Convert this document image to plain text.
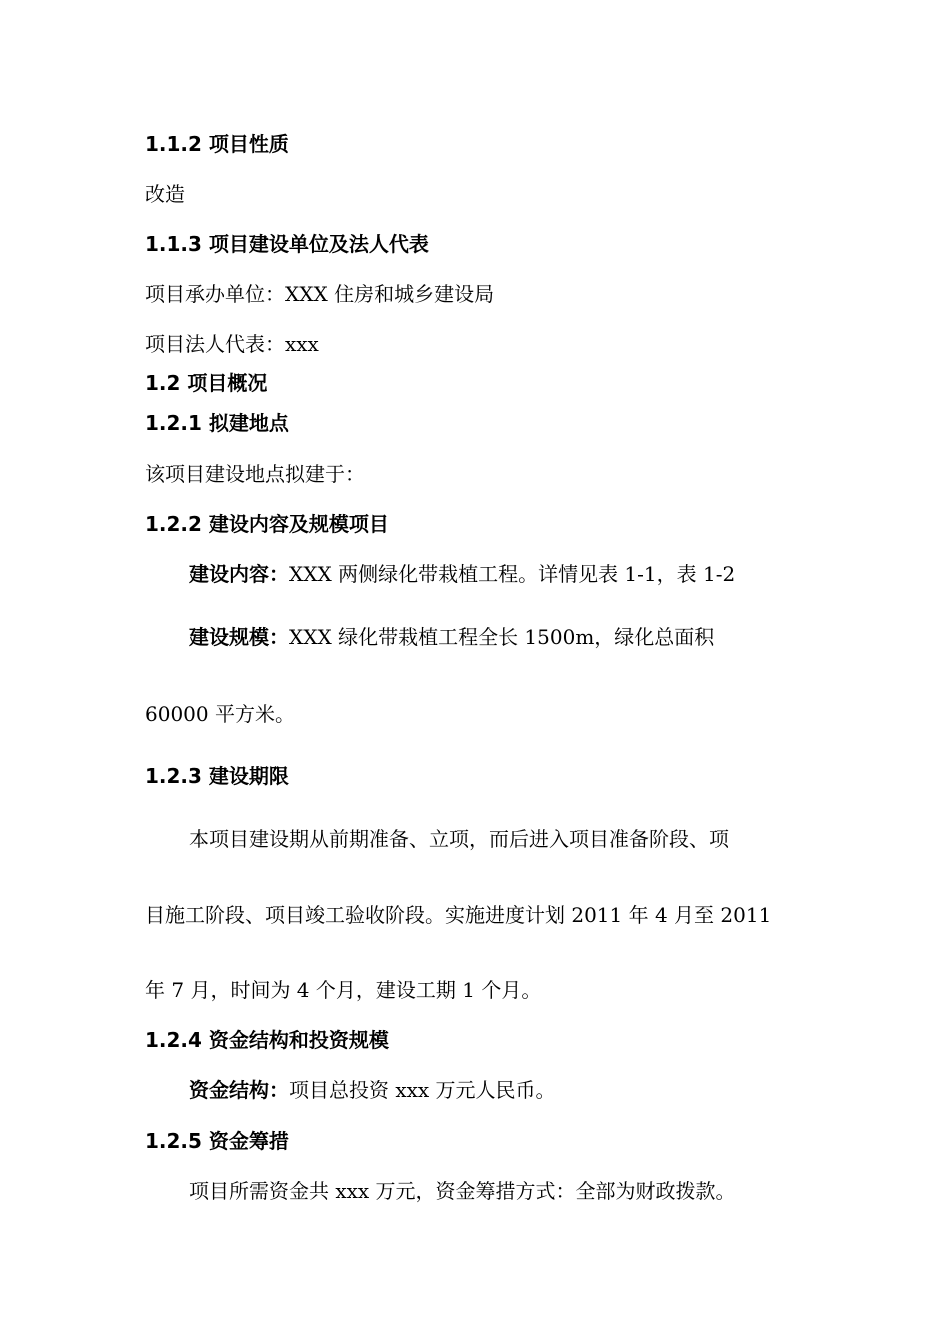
1.1.2 项目性质
改造
1.1.3 项目建设单位及法人代表
项目承办单位：XXX 住房和城乡建设局
项目法人代表：xxx
1.2 项目概况
1.2.1 拟建地点
该项目建设地点拟建于：
1.2.2 建设内容及规模项目
建设内容：XXX 两侧绿化带栽植工程。详情见表 1-1，表 1-2
建设规模：XXX 绿化带栽植工程全长 1500m，绿化总面积
60000 平方米。
1.2.3 建设期限
本项目建设期从前期准备、立项，而后进入项目准备阶段、项
目施工阶段、项目竣工验收阶段。实施进度计划 2011 年 4 月至 2011
年 7 月，时间为 4 个月，建设工期 1 个月。
1.2.4 资金结构和投资规模
资金结构：项目总投资 xxx 万元人民币。
1.2.5 资金筹措
项目所需资金共 xxx 万元，资金筹措方式：全部为财政拨款。
